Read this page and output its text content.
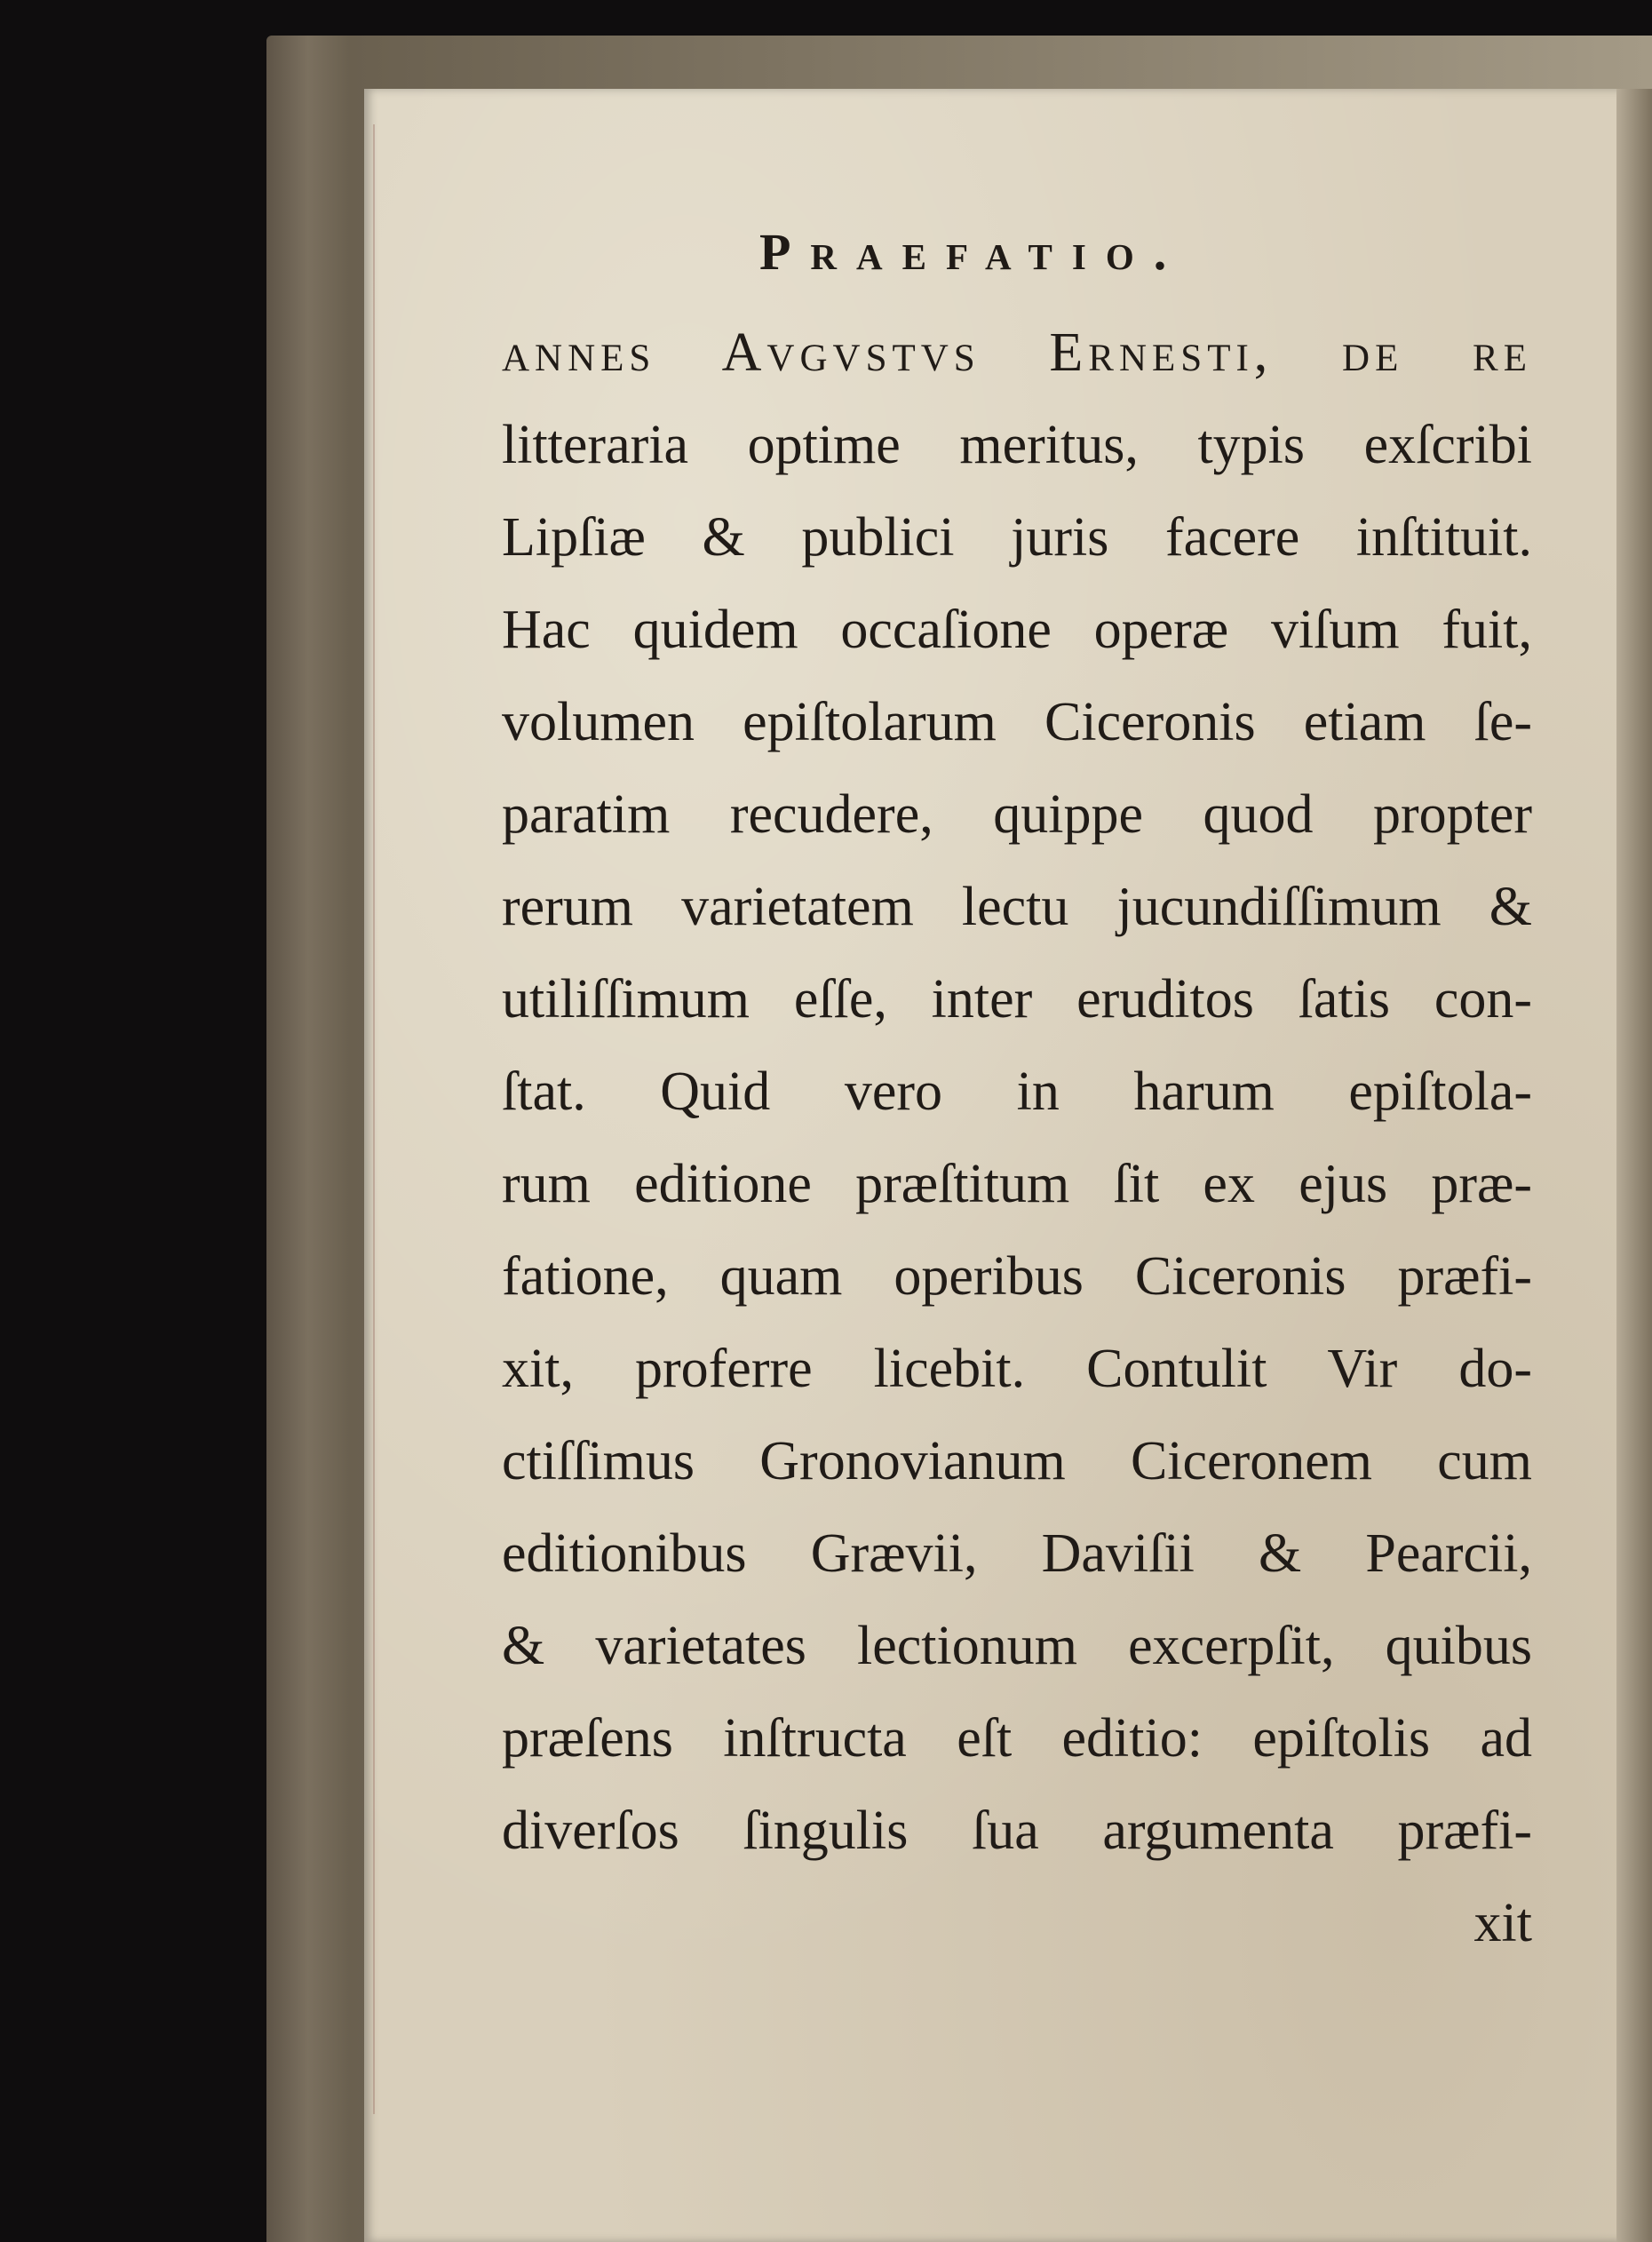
Praefatio.
annes Avgvstvs Ernesti, de re
litteraria optime meritus, typis exſcribi
Lipſiæ & publici juris facere inſtituit.
Hac quidem occaſione operæ viſum fuit,
volumen epiſtolarum Ciceronis etiam ſe-
paratim recudere, quippe quod propter
rerum varietatem lectu jucundiſſimum &
utiliſſimum eſſe, inter eruditos ſatis con-
ſtat. Quid vero in harum epiſtola-
rum editione præſtitum ſit ex ejus præ-
fatione, quam operibus Ciceronis præfi-
xit, proferre licebit. Contulit Vir do-
ctiſſimus Gronovianum Ciceronem cum
editionibus Grævii, Daviſii & Pearcii,
& varietates lectionum excerpſit, quibus
præſens inſtructa eſt editio: epiſtolis ad
diverſos ſingulis ſua argumenta præfi-
xit
